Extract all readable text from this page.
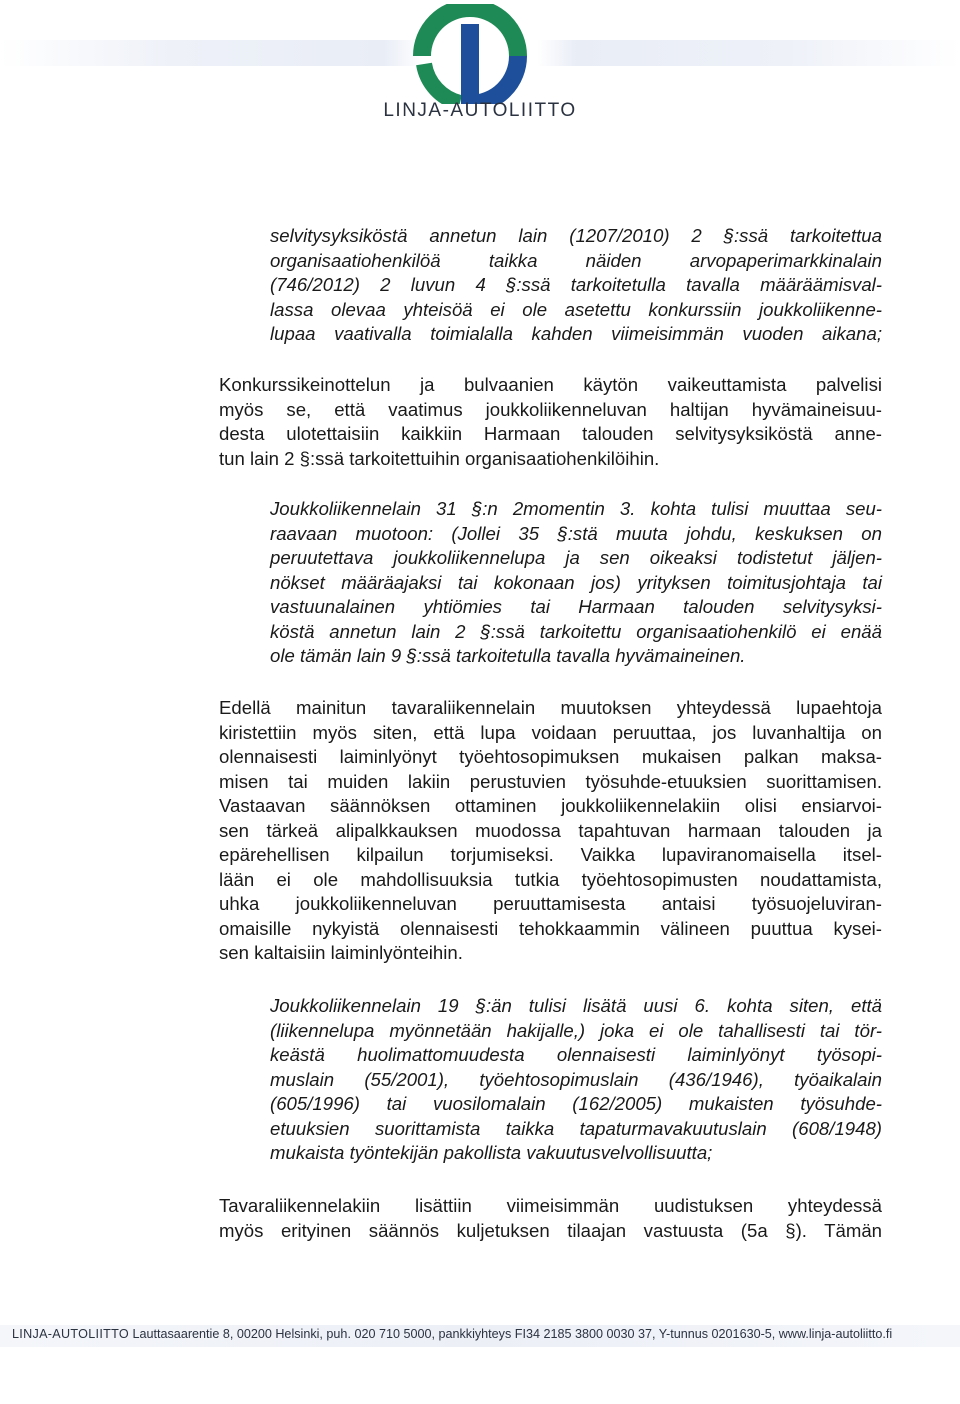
LINJA-AUTOLIITTO
selvitysyksiköstä annetun lain (1207/2010) 2 §:ssä tarkoitettua
organisaatiohenkilöä taikka näiden arvopaperimarkkinalain
(746/2012) 2 luvun 4 §:ssä tarkoitetulla tavalla määräämisval-
lassa olevaa yhteisöä ei ole asetettu konkurssiin joukkoliikenne-
lupaa vaativalla toimialalla kahden viimeisimmän vuoden aikana;
Konkurssikeinottelun ja bulvaanien käytön vaikeuttamista palvelisi
myös se, että vaatimus joukkoliikenneluvan haltijan hyvämaineisuu-
desta ulotettaisiin kaikkiin Harmaan talouden selvitysyksiköstä anne-
tun lain 2 §:ssä tarkoitettuihin organisaatiohenkilöihin.
Joukkoliikennelain 31 §:n 2momentin 3. kohta tulisi muuttaa seu-
raavaan muotoon: (Jollei 35 §:stä muuta johdu, keskuksen on
peruutettava joukkoliikennelupa ja sen oikeaksi todistetut jäljen-
nökset määräajaksi tai kokonaan jos) yrityksen toimitusjohtaja tai
vastuunalainen yhtiömies tai Harmaan talouden selvitysyksi-
köstä annetun lain 2 §:ssä tarkoitettu organisaatiohenkilö ei enää
ole tämän lain 9 §:ssä tarkoitetulla tavalla hyvämaineinen.
Edellä mainitun tavaraliikennelain muutoksen yhteydessä lupaehtoja
kiristettiin myös siten, että lupa voidaan peruuttaa, jos luvanhaltija on
olennaisesti laiminlyönyt työehtosopimuksen mukaisen palkan maksa-
misen tai muiden lakiin perustuvien työsuhde-etuuksien suorittamisen.
Vastaavan säännöksen ottaminen joukkoliikennelakiin olisi ensiarvoi-
sen tärkeä alipalkkauksen muodossa tapahtuvan harmaan talouden ja
epärehellisen kilpailun torjumiseksi. Vaikka lupaviranomaisella itsel-
lään ei ole mahdollisuuksia tutkia työehtosopimusten noudattamista,
uhka joukkoliikenneluvan peruuttamisesta antaisi työsuojeluviran-
omaisille nykyistä olennaisesti tehokkaammin välineen puuttua kysei-
sen kaltaisiin laiminlyönteihin.
Joukkoliikennelain 19 §:än tulisi lisätä uusi 6. kohta siten, että
(liikennelupa myönnetään hakijalle,) joka ei ole tahallisesti tai tör-
keästä huolimattomuudesta olennaisesti laiminlyönyt työsopi-
muslain (55/2001), työehtosopimuslain (436/1946), työaikalain
(605/1996) tai vuosilomalain (162/2005) mukaisten työsuhde-
etuuksien suorittamista taikka tapaturmavakuutuslain (608/1948)
mukaista työntekijän pakollista vakuutusvelvollisuutta;
Tavaraliikennelakiin lisättiin viimeisimmän uudistuksen yhteydessä
myös erityinen säännös kuljetuksen tilaajan vastuusta (5a §). Tämän
LINJA-AUTOLIITTO Lauttasaarentie 8, 00200 Helsinki, puh. 020 710 5000, pankkiyhteys FI34 2185 3800 0030 37, Y-tunnus 0201630-5, www.linja-autoliitto.fi
